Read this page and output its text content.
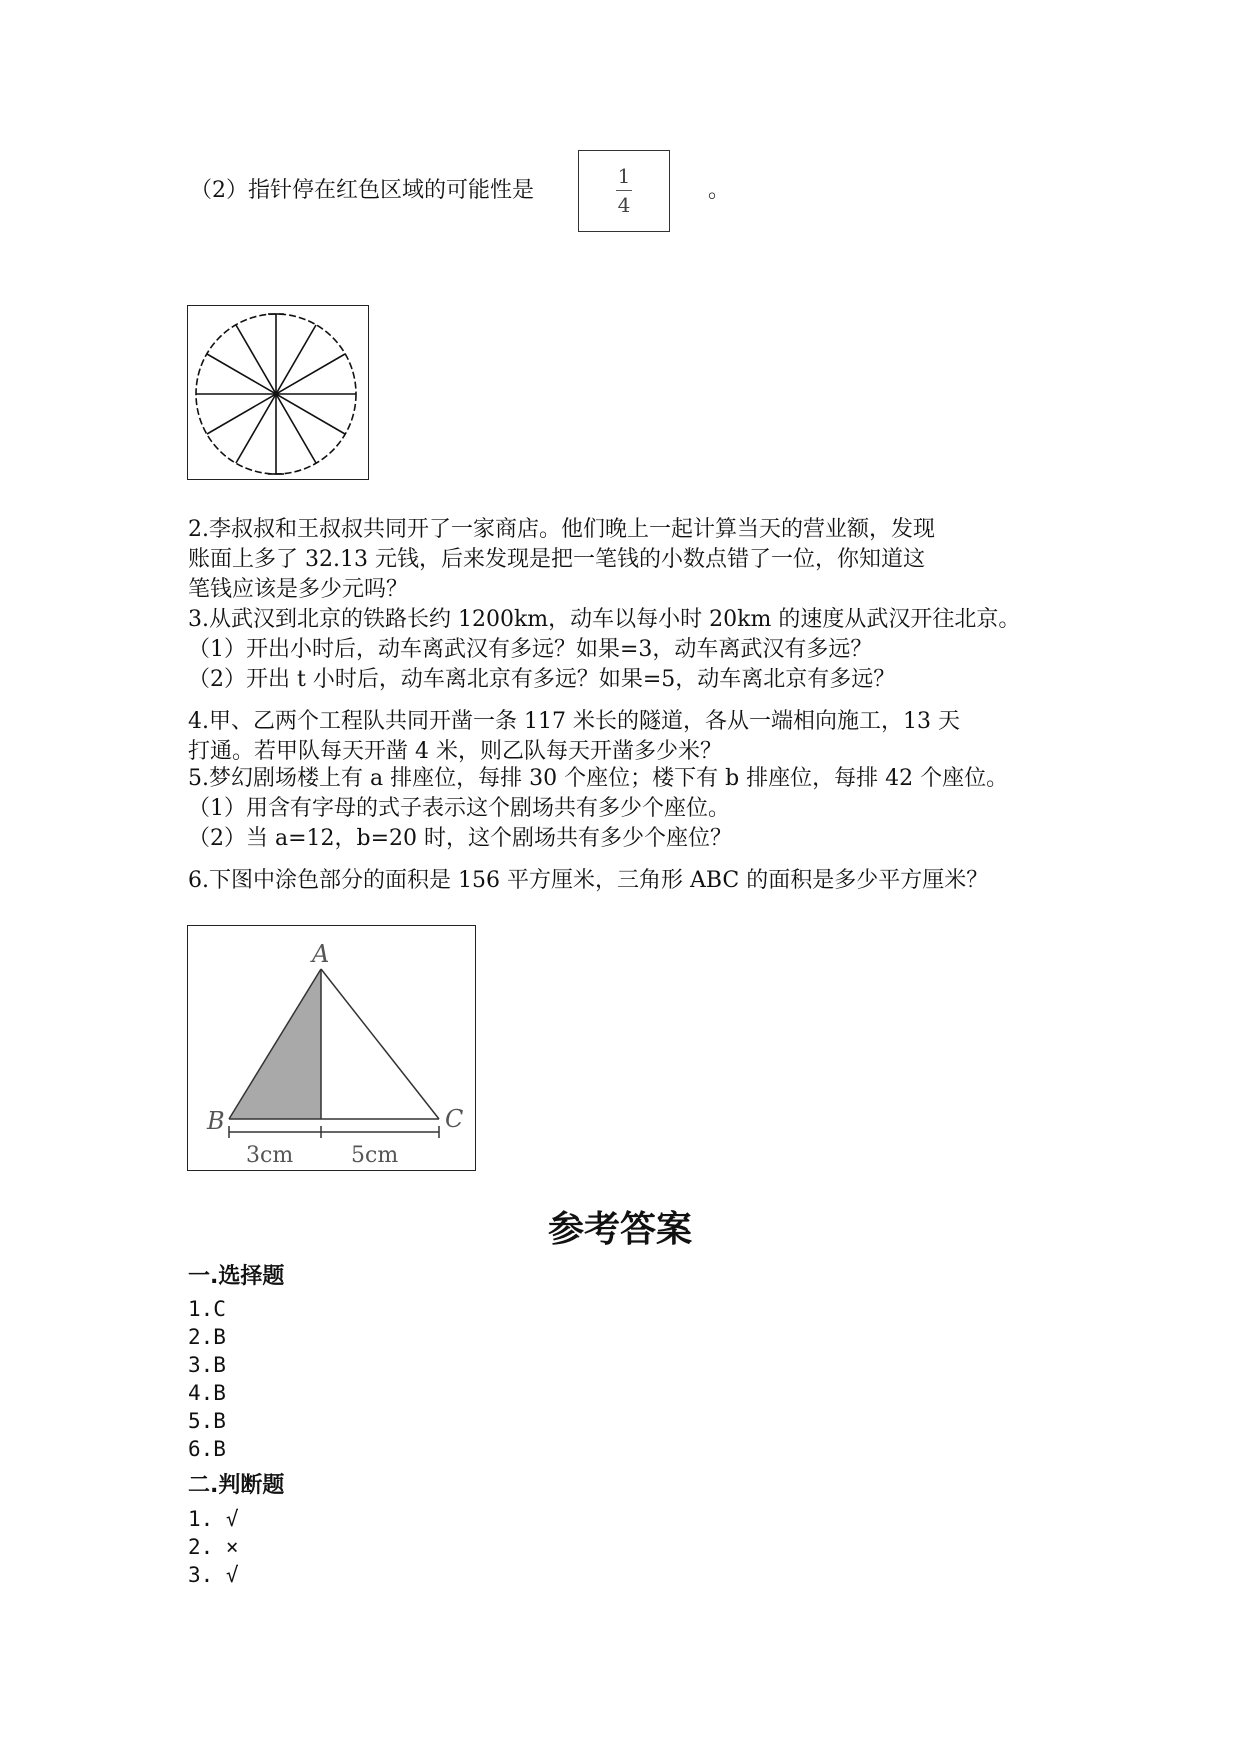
（2）指针停在红色区域的可能性是
1
4
。
2.李叔叔和王叔叔共同开了一家商店。他们晚上一起计算当天的营业额，发现
账面上多了 32.13 元钱，后来发现是把一笔钱的小数点错了一位，你知道这
笔钱应该是多少元吗？
3.从武汉到北京的铁路长约 1200km，动车以每小时 20km 的速度从武汉开往北京。
（1）开出小时后，动车离武汉有多远？如果=3，动车离武汉有多远？
（2）开出 t 小时后，动车离北京有多远？如果=5，动车离北京有多远？
4.甲、乙两个工程队共同开凿一条 117 米长的隧道，各从一端相向施工，13 天
打通。若甲队每天开凿 4 米，则乙队每天开凿多少米？
5.梦幻剧场楼上有 a 排座位，每排 30 个座位；楼下有 b 排座位，每排 42 个座位。
（1）用含有字母的式子表示这个剧场共有多少个座位。
（2）当 a=12，b=20 时，这个剧场共有多少个座位？
6.下图中涂色部分的面积是 156 平方厘米，三角形 ABC 的面积是多少平方厘米？
A
B	C
3cm	5cm
参考答案
一.选择题
1.C
2.B
3.B
4.B
5.B
6.B
二.判断题
1. √
2. ×
3. √
